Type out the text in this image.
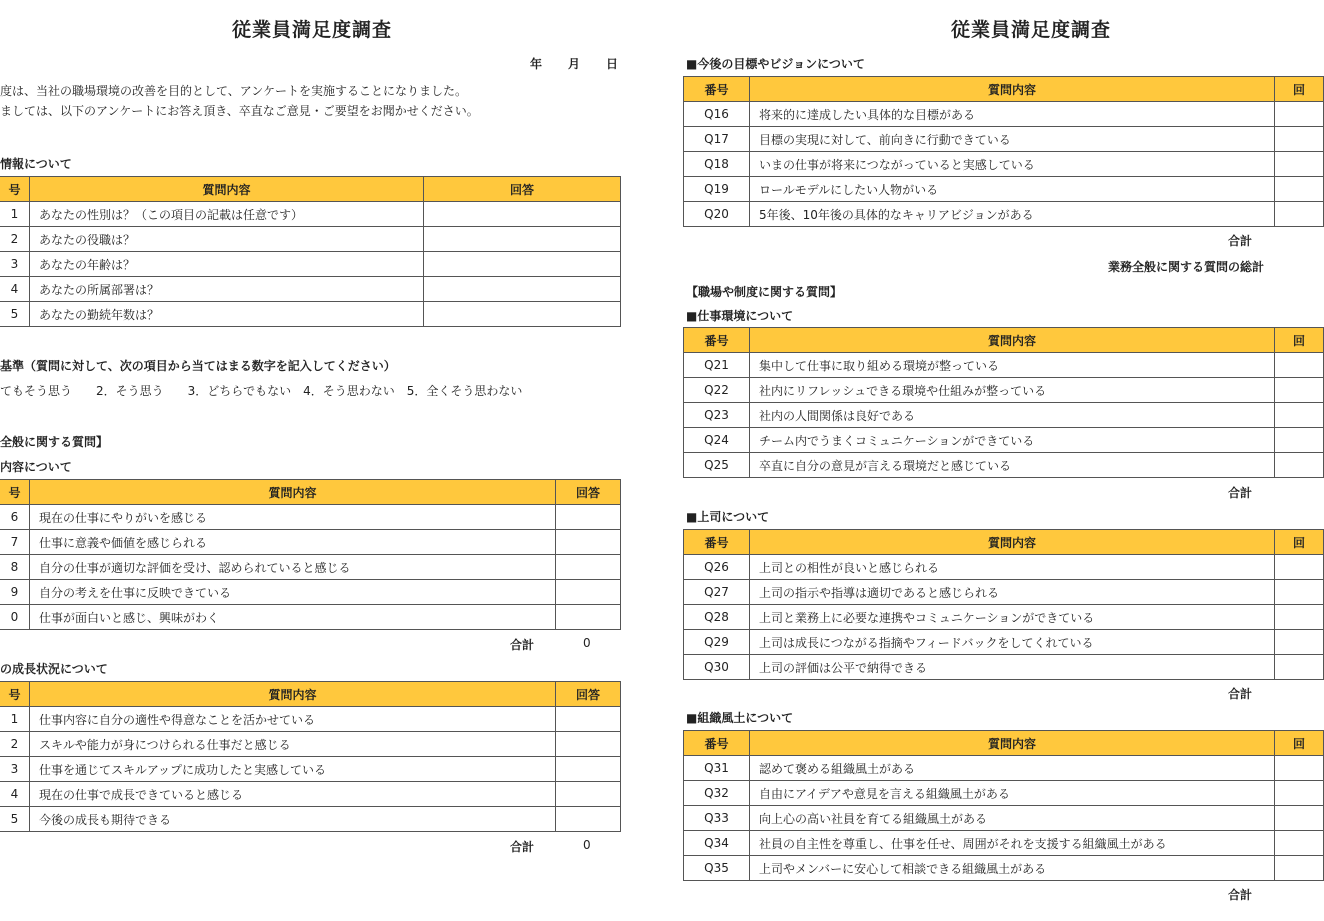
従業員満足度調査
年 月 日
度は、当社の職場環境の改善を目的として、アンケートを実施することになりました。
ましては、以下のアンケートにお答え頂き、卒直なご意見・ご要望をお聞かせください。
情報について
号	質問内容	回答
1	あなたの性別は？（この項目の記載は任意です）	
2	あなたの役職は？	
3	あなたの年齢は？	
4	あなたの所属部署は？	
5	あなたの勤続年数は？	
基準（質問に対して、次の項目から当てはまる数字を記入してください）
てもそう思う　　2．そう思う　　3．どちらでもない　4．そう思わない　5．全くそう思わない
全般に関する質問】
内容について
号	質問内容	回答
6	現在の仕事にやりがいを感じる	
7	仕事に意義や価値を感じられる	
8	自分の仕事が適切な評価を受け、認められていると感じる	
9	自分の考えを仕事に反映できている	
0	仕事が面白いと感じ、興味がわく	
合計	0
の成長状況について
号	質問内容	回答
1	仕事内容に自分の適性や得意なことを活かせている	
2	スキルや能力が身につけられる仕事だと感じる	
3	仕事を通じてスキルアップに成功したと実感している	
4	現在の仕事で成長できていると感じる	
5	今後の成長も期待できる	
合計	0
従業員満足度調査
■今後の目標やビジョンについて
番号	質問内容	回
Q16	将来的に達成したい具体的な目標がある	
Q17	目標の実現に対して、前向きに行動できている	
Q18	いまの仕事が将来につながっていると実感している	
Q19	ロールモデルにしたい人物がいる	
Q20	5年後、10年後の具体的なキャリアビジョンがある	
合計
業務全般に関する質問の総計
【職場や制度に関する質問】
■仕事環境について
番号	質問内容	回
Q21	集中して仕事に取り組める環境が整っている	
Q22	社内にリフレッシュできる環境や仕組みが整っている	
Q23	社内の人間関係は良好である	
Q24	チーム内でうまくコミュニケーションができている	
Q25	卒直に自分の意見が言える環境だと感じている	
合計
■上司について
番号	質問内容	回
Q26	上司との相性が良いと感じられる	
Q27	上司の指示や指導は適切であると感じられる	
Q28	上司と業務上に必要な連携やコミュニケーションができている	
Q29	上司は成長につながる指摘やフィードバックをしてくれている	
Q30	上司の評価は公平で納得できる	
合計
■組織風土について
番号	質問内容	回
Q31	認めて褒める組織風土がある	
Q32	自由にアイデアや意見を言える組織風土がある	
Q33	向上心の高い社員を育てる組織風土がある	
Q34	社員の自主性を尊重し、仕事を任せ、周囲がそれを支援する組織風土がある	
Q35	上司やメンバーに安心して相談できる組織風土がある	
合計
